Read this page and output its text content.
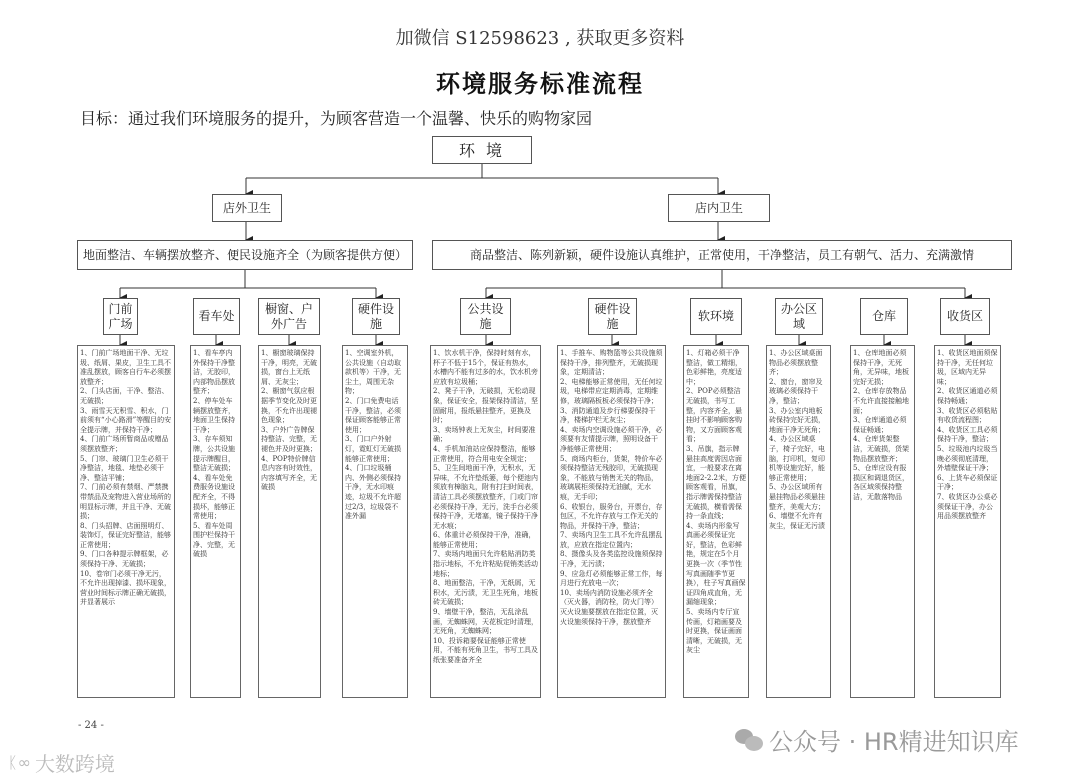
加微信 S12598623 , 获取更多资料
环境服务标准流程
目标：通过我们环境服务的提升，为顾客营造一个温馨、快乐的购物家园
环 境
店外卫生	店内卫生
地面整洁、车辆摆放整齐、便民设施齐全（为顾客提供方便）	商品整洁、陈列新颖，硬件设施认真维护，正常使用，干净整洁，员工有朝气、活力、充满激情
门前广场
1、门前广场地面干净、无垃圾、纸屑、果皮，卫生工具不准乱摆放，顾客自行车必须摆放整齐；
2、门头店面，干净、整洁、无破损；
3、雨雪天无积雪、积水，门前须有“小心路滑”等醒目的安全提示牌，并保持干净；
4、门前广场所暂商品或赠品须摆放整齐；
5、门帘、玻璃门卫生必须干净整洁，地毯、地垫必须干净、整洁平铺；
7、门前必须有禁烟、严禁携带禁品及宠物进入营业场所的明显标示牌，并且干净、无破损；
8、门头招牌、店面照明灯、装饰灯，保证完好整洁，能够正常使用；
9、门口各种提示牌框架，必须保持干净、无破损；
10、卷帘门必须干净无污，不允许出现掉漆、损坏现象，营业时间标示牌正确无破损，并显著展示
看车处
1、看车亭内外保持干净整洁，无胶印，内部物品摆放整齐；
2、停车处车辆摆放整齐，地面卫生保持干净；
3、存车须知牌，公共设施提示牌醒目，整洁无破损；
4、看车处免费服务设施设配齐全，不得损坏，能够正常使用；
5、看车处周围护栏保持干净、完整，无破损
橱窗、户外广告
1、橱窗玻璃保持干净，明亮，无破损，窗台上无纸屑、无灰尘；
2、橱窗气氛应根据季节变化及时更换，不允许出现褪色现象；
3、户外广告牌保持整洁、完整，无褪色并及时更换；
4、POP特价牌信息内容有时效性，内容填写齐全，无破损
硬件设施
1、空调室外机，公共设施（自动取款机等）干净，无尘土，周围无杂物；
2、门口免费电话干净，整洁，必须保证顾客能够正常使用；
3、门口户外射灯，霓虹灯无破损能够正常使用；
4、门口垃圾桶内、外侧必须保持干净，无水印痕迹，垃圾不允许超过2/3，垃圾袋不准外漏
公共设施
1、饮水机干净，保持时刻有水，杯子不低于15个，保证有热水，水槽内不能有过多的水，饮水机旁应放有垃圾桶；
2、凳子干净，无破损，无松动现象，保证安全，报架保持清洁，坚固耐用，报纸悬挂整齐，更换及时；
3、卖场钟表上无灰尘，时间要准确；
4、手机加油站应保持整洁，能够正常使用，符合用电安全规定；
5、卫生间地面干净，无积水，无异味，不允许垫纸篓，每个便池内须放有樟脑丸，附有打扫时间表，清洁工具必须摆放整齐，门或门帘必须保持干净，无污，洗手台必须保持干净，无堵塞，镜子保持干净无水痕；
6、体重计必须保持干净，准确，能够正常使用；
7、卖场内地面只允许粘贴消防类指示地标，不允许粘贴促销类活动地标；
8、地面整洁，干净，无纸屑，无积水，无污渍，无卫生死角，地板砖无破损；
9、墙壁干净，整洁，无乱涂乱画，无蜘蛛网，天花板定时清理，无死角，无蜘蛛网；
10、投诉箱要保证能够正常使用，不能有死角卫生，书写工具及纸张要准备齐全
硬件设施
1、手推车、购物篮等公共设施须保持干净，排列整齐，无破损现象，定期清洁；
2、电梯能够正常使用，无任何垃圾，电梯带应定期消毒，定期维修，玻璃隔板板必须保持干净；
3、消防通道及步行梯要保持干净，楼梯护栏无灰尘；
4、卖场内空调设施必须干净，必须要有友情提示牌，照明设备干净能够正常使用；
5、商场内柜台，货架，特价车必须保持整洁无残胶印，无破损现象，不能放与销售无关的物品，玻璃展柜须保持无油腻，无水痕，无手印；
6、收银台，服务台，开票台，存包区，不允许存放与工作无关的物品，并保持干净，整洁；
7、卖场内卫生工具不允许乱摆乱放，应放在指定位置内；
8、摄像头及各类监控设施须保持干净，无污渍；
9、应急灯必须能够正常工作，每月进行充放电一次；
10、卖场内消防设施必须齐全（灭火器，消防栓，防火门等）灭火设施要摆放在指定位置，灭火设施须保持干净，摆放整齐
软环境
1、灯箱必须干净整洁，做工精细，色彩鲜艳，亮度适中；
2、POP必须整洁无破损，书写工整，内容齐全，悬挂时不影响顾客购物，又方面顾客观看；
3、吊旗，指示牌悬挂高度需因店面宜，一般要求在离地面2-2.2米，方便顾客观看，吊旗，指示牌需保持整洁无破损，横看需保持一条直线；
4、卖场内形象写真画必须保证完好，整洁，色彩鲜艳，规定在5个月更换一次（季节性写真画随季节更换），柱子写真画保证四角成直角，无漏缩现象；
5、卖场内专厅宣传画，灯箱画要及时更换，保证画面清晰，无破损，无灰尘
办公区域
1、办公区域桌面物品必须摆放整齐；
2、窗台，窗帘及玻璃必须保持干净，整洁；
3、办公室内地板砖保持完好无损，地面干净无死角；
4、办公区域桌子，椅子完好，电脑，打印机，复印机等设施完好，能够正常使用；
5、办公区域所有悬挂物品必须悬挂整齐，美观大方；
6、墙壁不允许有灰尘，保证无污渍
仓库
1、仓库地面必须保持干净，无死角，无异味，地板完好无损；
2、仓库存放物品不允许直接接触地面；
3、仓库通道必须保证畅通；
4、仓库货架整洁，无破损，货架物品摆放整齐；
5、仓库应设有报损区和调退货区，各区域须保持整洁，无散落物品
收货区
1、收货区地面须保持干净，无任何垃圾，区域内无异味；
2、收货区通道必须保持畅通；
3、收货区必须粘贴有收货流程图；
4、收货区工具必须保持干净，整洁；
5、垃圾池内垃圾当晚必须彻底清理，外墙壁保证干净；
6、上货车必须保证干净；
7、收货区办公桌必须保证干净，办公用品须摆放整齐
- 24 -
公众号 · HR精进知识库
ᛕ∞ 大数跨境
